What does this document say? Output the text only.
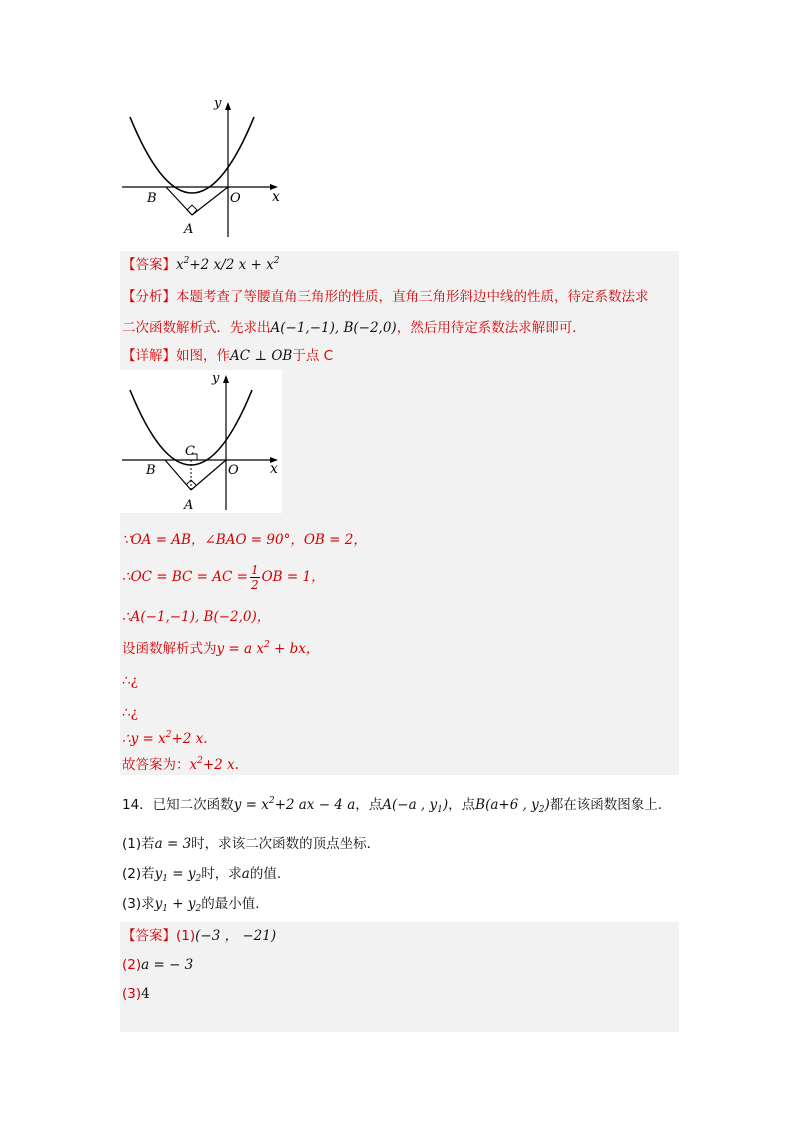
y
x
B	O
A
【答案】$x^2+2$ x/2 $x + x^2$
【分析】本题考查了等腰直角三角形的性质，直角三角形斜边中线的性质，待定系数法求
二次函数解析式．先求出A(−1,−1), B(−2,0)，然后用待定系数法求解即可．
【详解】如图，作AC ⊥ OB于点 C
y
x
B	O
C
A
∵OA = AB，∠BAO = 90°，OB = 2，
∴OC = BC = AC = $\frac{1}{2}$ OB = 1，
∴A(−1,−1), B(−2,0)，
设函数解析式为y = a $x^2$ + bx，
∴¿
∴¿
∴y = $x^2+2$ x.
故答案为：$x^2+2$ x.
14．已知二次函数$y = x^2+2$ ax − 4 a，点A(−a , $y_1$)，点B(a+6 , $y_2$)都在该函数图象上．
(1)若a = 3时，求该二次函数的顶点坐标．
(2)若$y_1 = y_2$时，求a的值．
(3)求$y_1 + y_2$的最小值．
【答案】(1)(−3 ， −21)
(2)a = − 3
(3)4
